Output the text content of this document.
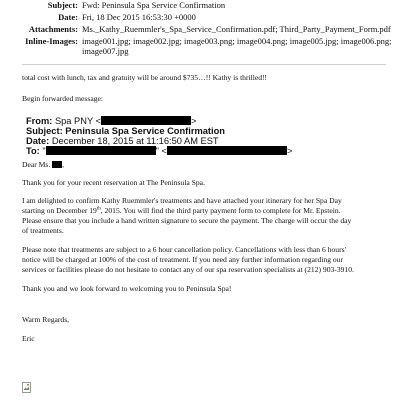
Subject: Fwd: Peninsula Spa Service Confirmation
Date: Fri, 18 Dec 2015 16:53:30 +0000
Attachments: Ms._Kathy_Ruemmler's_Spa_Service_Confirmation.pdf; Third_Party_Payment_Form.pdf
Inline-Images: image001.jpg; image002.jpg; image003.png; image004.png; image005.jpg; image006.png;
image007.jpg
total cost with lunch, tax and gratuity will be around $735…!! Kathy is thrilled!!
Begin forwarded message:
From: Spa PNY <	>
Subject: Peninsula Spa Service Confirmation
Date: December 18, 2015 at 11:16:50 AM EST
To: "	" <	>
Dear Ms. ,
Thank you for your recent reservation at The Peninsula Spa.
I am delighted to confirm Kathy Ruemmler's treatments and have attached your itinerary for her Spa Day
starting on December 19th, 2015. You will find the third party payment form to complete for Mr. Epstein.
Please ensure that you include a hand written signature to secure the payment. The charge will occur the day
of treatments.
Please note that treatments are subject to a 6 hour cancellation policy. Cancellations with less than 6 hours'
notice will be charged at 100% of the cost of treatment. If you need any further information regarding our
services or facilities please do not hesitate to contact any of our spa reservation specialists at (212) 903-3910.
Thank you and we look forward to welcoming you to Peninsula Spa!
Warm Regards,
Eric
